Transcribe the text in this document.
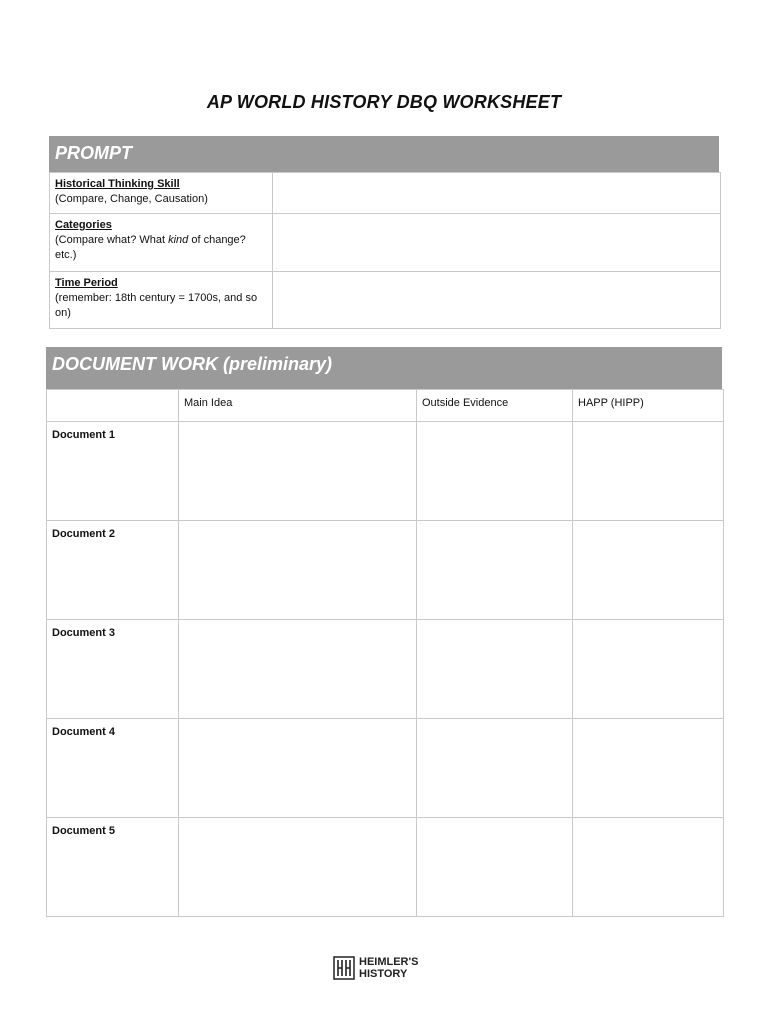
AP WORLD HISTORY DBQ WORKSHEET
PROMPT
Historical Thinking Skill
(Compare, Change, Causation)	

Categories
(Compare what? What kind of change? etc.)	

Time Period
(remember: 18th century = 1700s, and so on)	

DOCUMENT WORK (preliminary)
	Main Idea	Outside Evidence	HAPP (HIPP)
Document 1			
Document 2			
Document 3			
Document 4			
Document 5			
HEIMLER'S
HISTORY
